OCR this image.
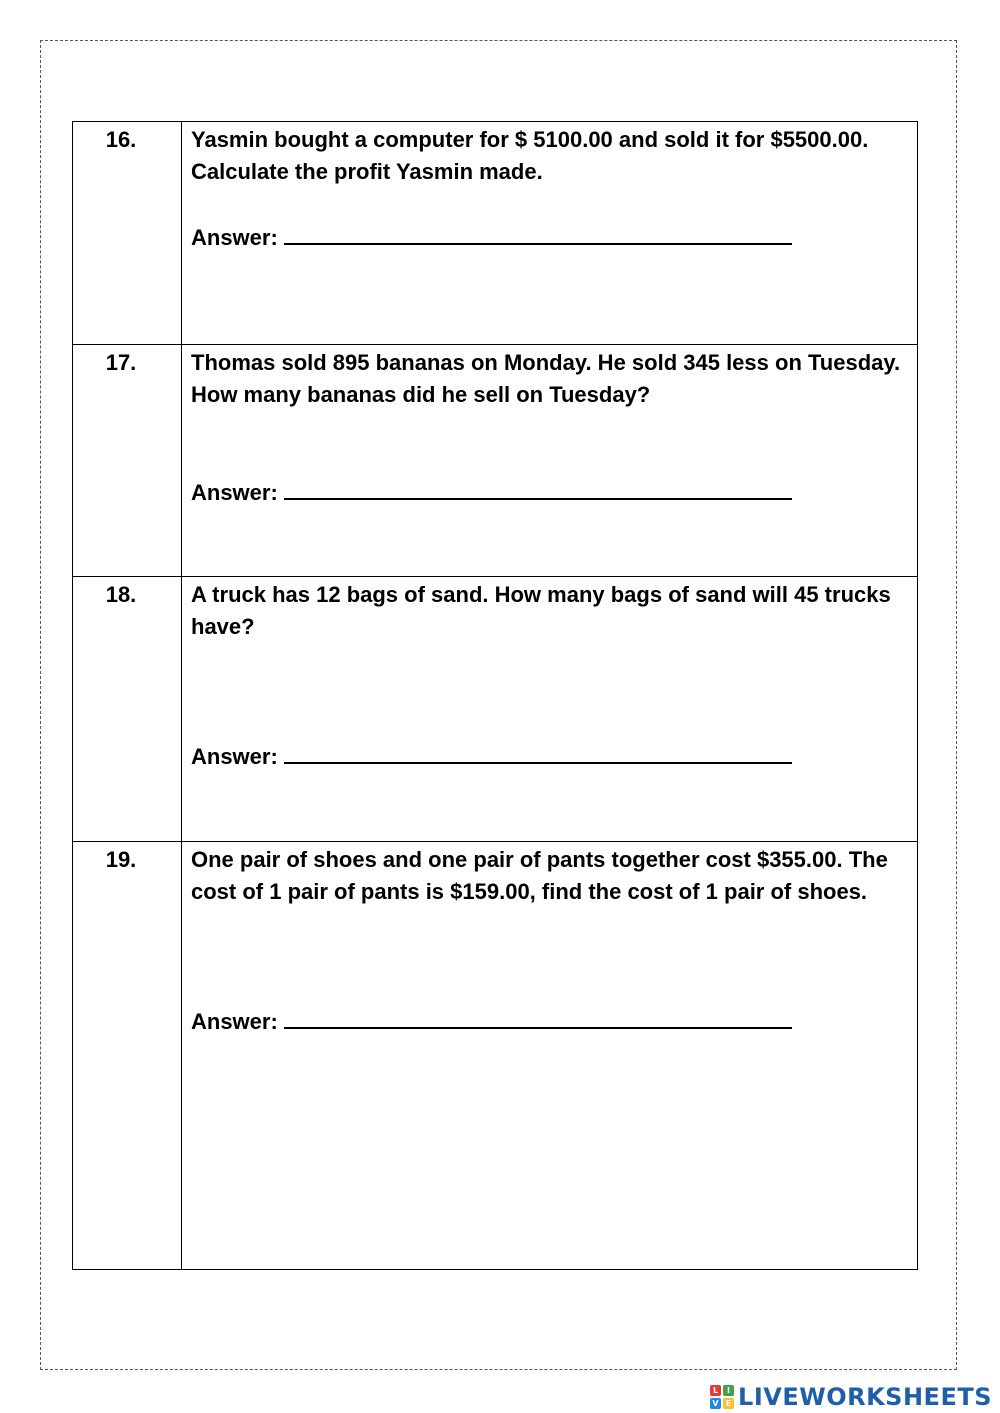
16.	Yasmin bought a computer for $ 5100.00 and sold it for $5500.00. Calculate the profit Yasmin made.
Answer:

17.	Thomas sold 895 bananas on Monday. He sold 345 less on Tuesday. How many bananas did he sell on Tuesday?
Answer:

18.	A truck has 12 bags of sand. How many bags of sand will 45 trucks have?
Answer:

19.	One pair of shoes and one pair of pants together cost $355.00. The cost of 1 pair of pants is $159.00, find the cost of 1 pair of shoes.
Answer:
L	I
V E LIVEWORKSHEETS
